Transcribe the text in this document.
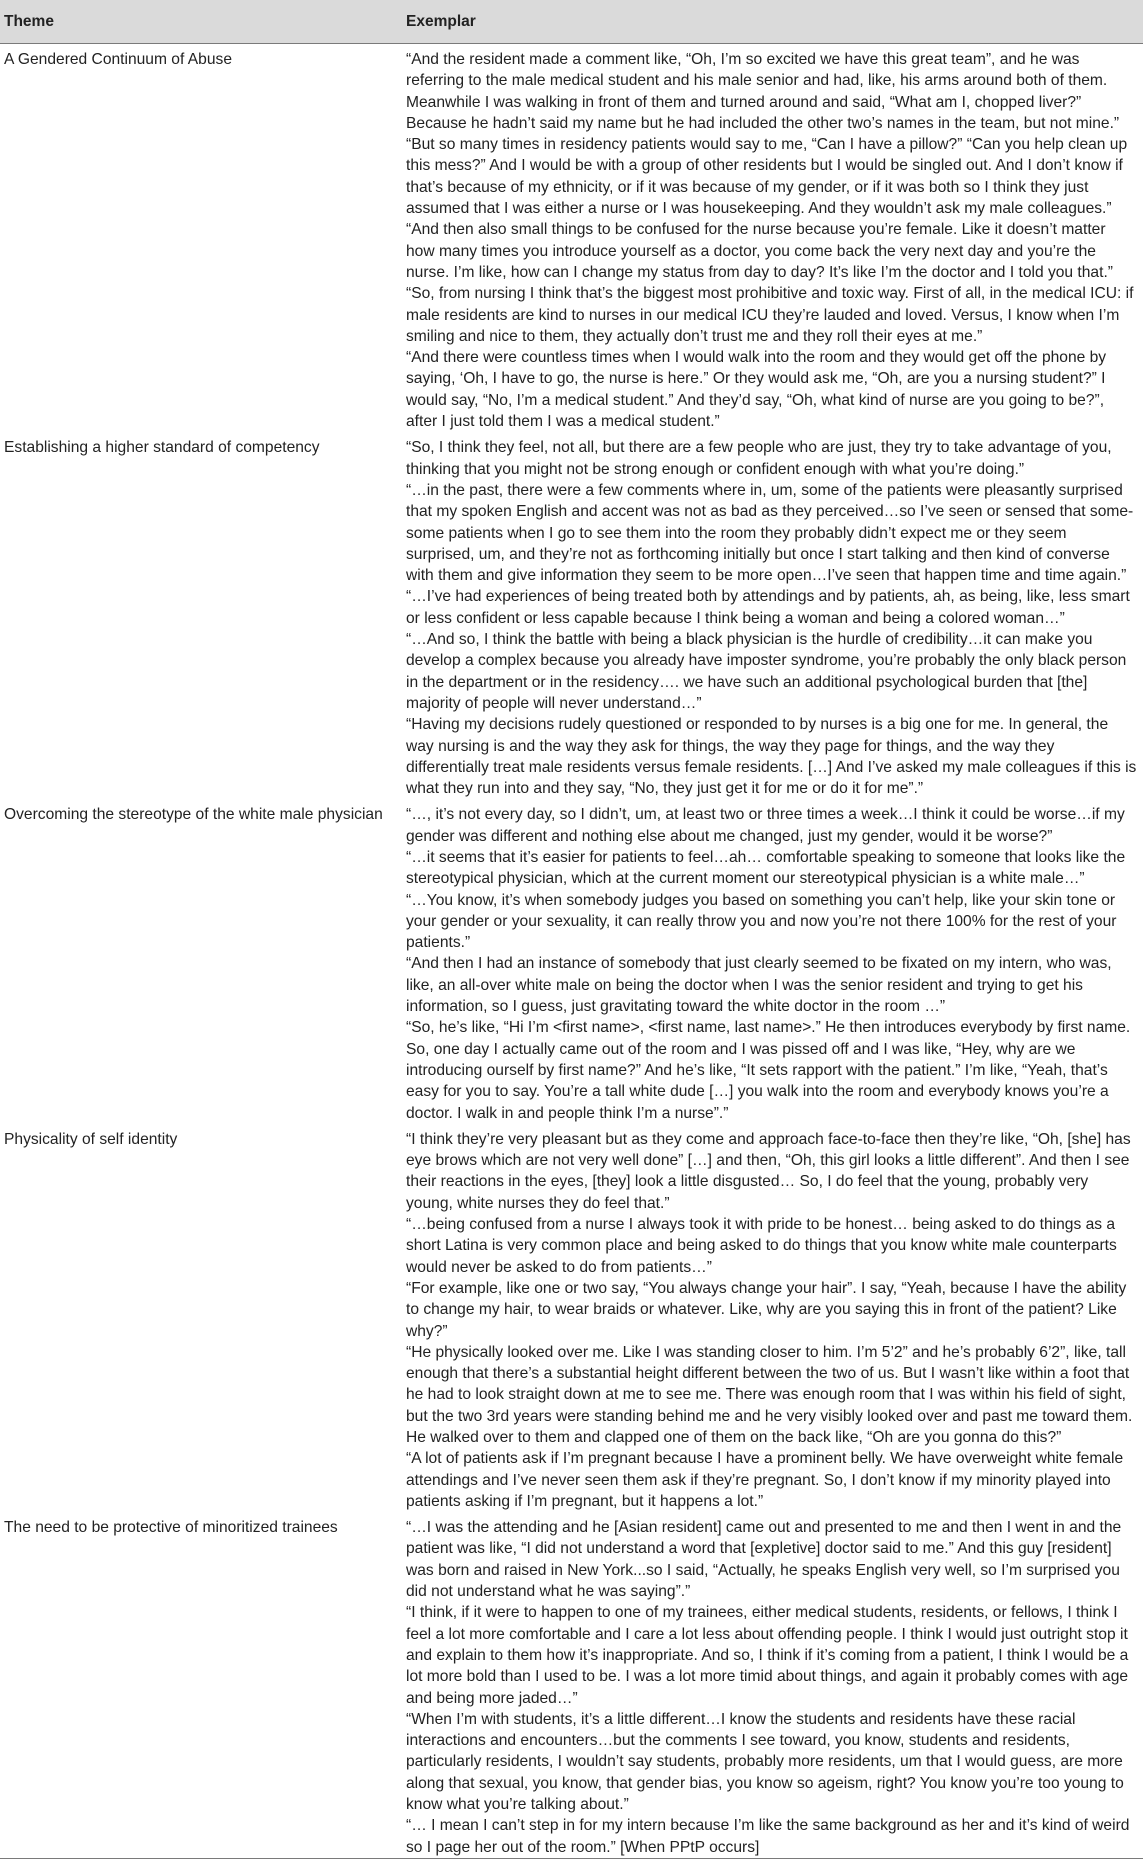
Theme	Exemplar
A Gendered Continuum of Abuse	“And the resident made a comment like, “Oh, I’m so excited we have this great team”, and he was referring to the male medical student and his male senior and had, like, his arms around both of them. Meanwhile I was walking in front of them and turned around and said, “What am I, chopped liver?” Because he hadn’t said my name but he had included the other two’s names in the team, but not mine.”

“But so many times in residency patients would say to me, “Can I have a pillow?” “Can you help clean up this mess?” And I would be with a group of other residents but I would be singled out. And I don’t know if that’s because of my ethnicity, or if it was because of my gender, or if it was both so I think they just assumed that I was either a nurse or I was housekeeping. And they wouldn’t ask my male colleagues.”

“And then also small things to be confused for the nurse because you’re female. Like it doesn’t matter how many times you introduce yourself as a doctor, you come back the very next day and you’re the nurse. I’m like, how can I change my status from day to day? It’s like I’m the doctor and I told you that.”

“So, from nursing I think that’s the biggest most prohibitive and toxic way. First of all, in the medical ICU: if male residents are kind to nurses in our medical ICU they’re lauded and loved. Versus, I know when I’m smiling and nice to them, they actually don’t trust me and they roll their eyes at me.”

“And there were countless times when I would walk into the room and they would get off the phone by saying, ‘Oh, I have to go, the nurse is here.” Or they would ask me, “Oh, are you a nursing student?” I would say, “No, I’m a medical student.” And they’d say, “Oh, what kind of nurse are you going to be?”, after I just told them I was a medical student.”

Establishing a higher standard of competency	“So, I think they feel, not all, but there are a few people who are just, they try to take advantage of you, thinking that you might not be strong enough or confident enough with what you’re doing.”

“…in the past, there were a few comments where in, um, some of the patients were pleasantly surprised that my spoken English and accent was not as bad as they perceived…so I’ve seen or sensed that some-some patients when I go to see them into the room they probably didn’t expect me or they seem surprised, um, and they’re not as forthcoming initially but once I start talking and then kind of converse with them and give information they seem to be more open…I’ve seen that happen time and time again.”

“…I’ve had experiences of being treated both by attendings and by patients, ah, as being, like, less smart or less confident or less capable because I think being a woman and being a colored woman…”

“…And so, I think the battle with being a black physician is the hurdle of credibility…it can make you develop a complex because you already have imposter syndrome, you’re probably the only black person in the department or in the residency…. we have such an additional psychological burden that [the] majority of people will never understand…”

“Having my decisions rudely questioned or responded to by nurses is a big one for me. In general, the way nursing is and the way they ask for things, the way they page for things, and the way they differentially treat male residents versus female residents. […] And I’ve asked my male colleagues if this is what they run into and they say, “No, they just get it for me or do it for me”.”

Overcoming the stereotype of the white male physician	“…, it’s not every day, so I didn’t, um, at least two or three times a week…I think it could be worse…if my gender was different and nothing else about me changed, just my gender, would it be worse?”

“…it seems that it’s easier for patients to feel…ah… comfortable speaking to someone that looks like the stereotypical physician, which at the current moment our stereotypical physician is a white male…”

“…You know, it’s when somebody judges you based on something you can’t help, like your skin tone or your gender or your sexuality, it can really throw you and now you’re not there 100% for the rest of your patients.”

“And then I had an instance of somebody that just clearly seemed to be fixated on my intern, who was, like, an all-over white male on being the doctor when I was the senior resident and trying to get his information, so I guess, just gravitating toward the white doctor in the room …”

“So, he’s like, “Hi I’m <first name>, <first name, last name>.” He then introduces everybody by first name. So, one day I actually came out of the room and I was pissed off and I was like, “Hey, why are we introducing ourself by first name?” And he’s like, “It sets rapport with the patient.” I’m like, “Yeah, that’s easy for you to say. You’re a tall white dude […] you walk into the room and everybody knows you’re a doctor. I walk in and people think I’m a nurse”.”

Physicality of self identity	“I think they’re very pleasant but as they come and approach face-to-face then they’re like, “Oh, [she] has eye brows which are not very well done” […] and then, “Oh, this girl looks a little different”. And then I see their reactions in the eyes, [they] look a little disgusted… So, I do feel that the young, probably very young, white nurses they do feel that.”

“…being confused from a nurse I always took it with pride to be honest… being asked to do things as a short Latina is very common place and being asked to do things that you know white male counterparts would never be asked to do from patients…”

“For example, like one or two say, “You always change your hair”. I say, “Yeah, because I have the ability to change my hair, to wear braids or whatever. Like, why are you saying this in front of the patient? Like why?”

“He physically looked over me. Like I was standing closer to him. I’m 5’2” and he’s probably 6’2”, like, tall enough that there’s a substantial height different between the two of us. But I wasn’t like within a foot that he had to look straight down at me to see me. There was enough room that I was within his field of sight, but the two 3rd years were standing behind me and he very visibly looked over and past me toward them. He walked over to them and clapped one of them on the back like, “Oh are you gonna do this?”

“A lot of patients ask if I’m pregnant because I have a prominent belly. We have overweight white female attendings and I’ve never seen them ask if they’re pregnant. So, I don’t know if my minority played into patients asking if I’m pregnant, but it happens a lot.”

The need to be protective of minoritized trainees	“…I was the attending and he [Asian resident] came out and presented to me and then I went in and the patient was like, “I did not understand a word that [expletive] doctor said to me.” And this guy [resident] was born and raised in New York...so I said, “Actually, he speaks English very well, so I’m surprised you did not understand what he was saying”.”

“I think, if it were to happen to one of my trainees, either medical students, residents, or fellows, I think I feel a lot more comfortable and I care a lot less about offending people. I think I would just outright stop it and explain to them how it’s inappropriate. And so, I think if it’s coming from a patient, I think I would be a lot more bold than I used to be. I was a lot more timid about things, and again it probably comes with age and being more jaded…”

“When I’m with students, it’s a little different…I know the students and residents have these racial interactions and encounters…but the comments I see toward, you know, students and residents, particularly residents, I wouldn’t say students, probably more residents, um that I would guess, are more along that sexual, you know, that gender bias, you know so ageism, right? You know you’re too young to know what you’re talking about.”

“… I mean I can’t step in for my intern because I’m like the same background as her and it’s kind of weird so I page her out of the room.” [When PPtP occurs]
